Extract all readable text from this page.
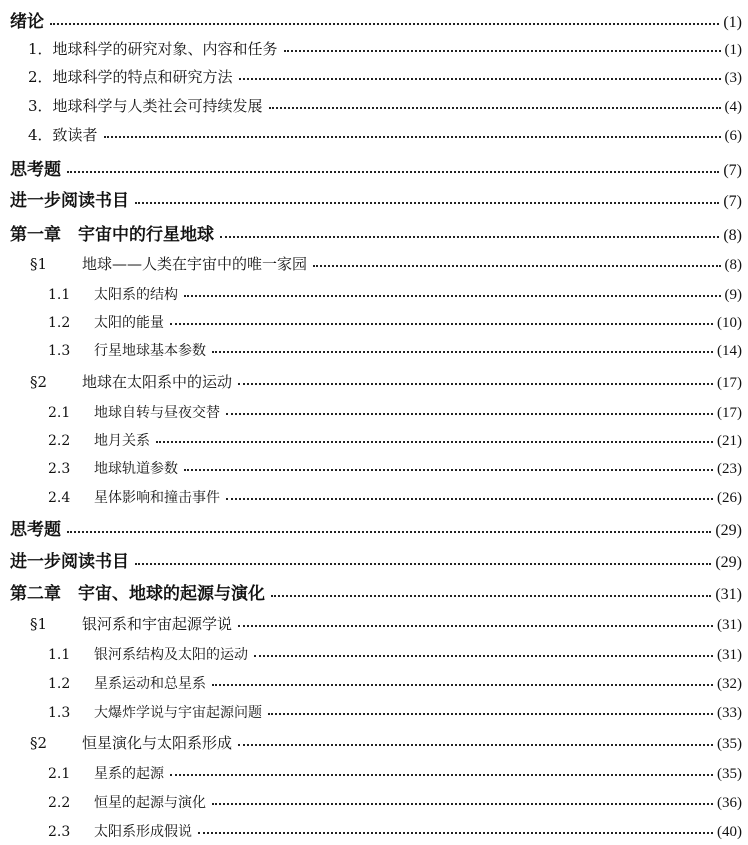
绪论	(1)
1．地球科学的研究对象、内容和任务	(1)
2．地球科学的特点和研究方法	(3)
3．地球科学与人类社会可持续发展	(4)
4．致读者	(6)
思考题	(7)
进一步阅读书目	(7)
第一章　宇宙中的行星地球	(8)
§1 地球——人类在宇宙中的唯一家园	(8)
1.1 太阳系的结构	(9)
1.2 太阳的能量	(10)
1.3 行星地球基本参数	(14)
§2 地球在太阳系中的运动	(17)
2.1 地球自转与昼夜交替	(17)
2.2 地月关系	(21)
2.3 地球轨道参数	(23)
2.4 星体影响和撞击事件	(26)
思考题	(29)
进一步阅读书目	(29)
第二章　宇宙、地球的起源与演化	(31)
§1 银河系和宇宙起源学说	(31)
1.1 银河系结构及太阳的运动	(31)
1.2 星系运动和总星系	(32)
1.3 大爆炸学说与宇宙起源问题	(33)
§2 恒星演化与太阳系形成	(35)
2.1 星系的起源	(35)
2.2 恒星的起源与演化	(36)
2.3 太阳系形成假说	(40)
